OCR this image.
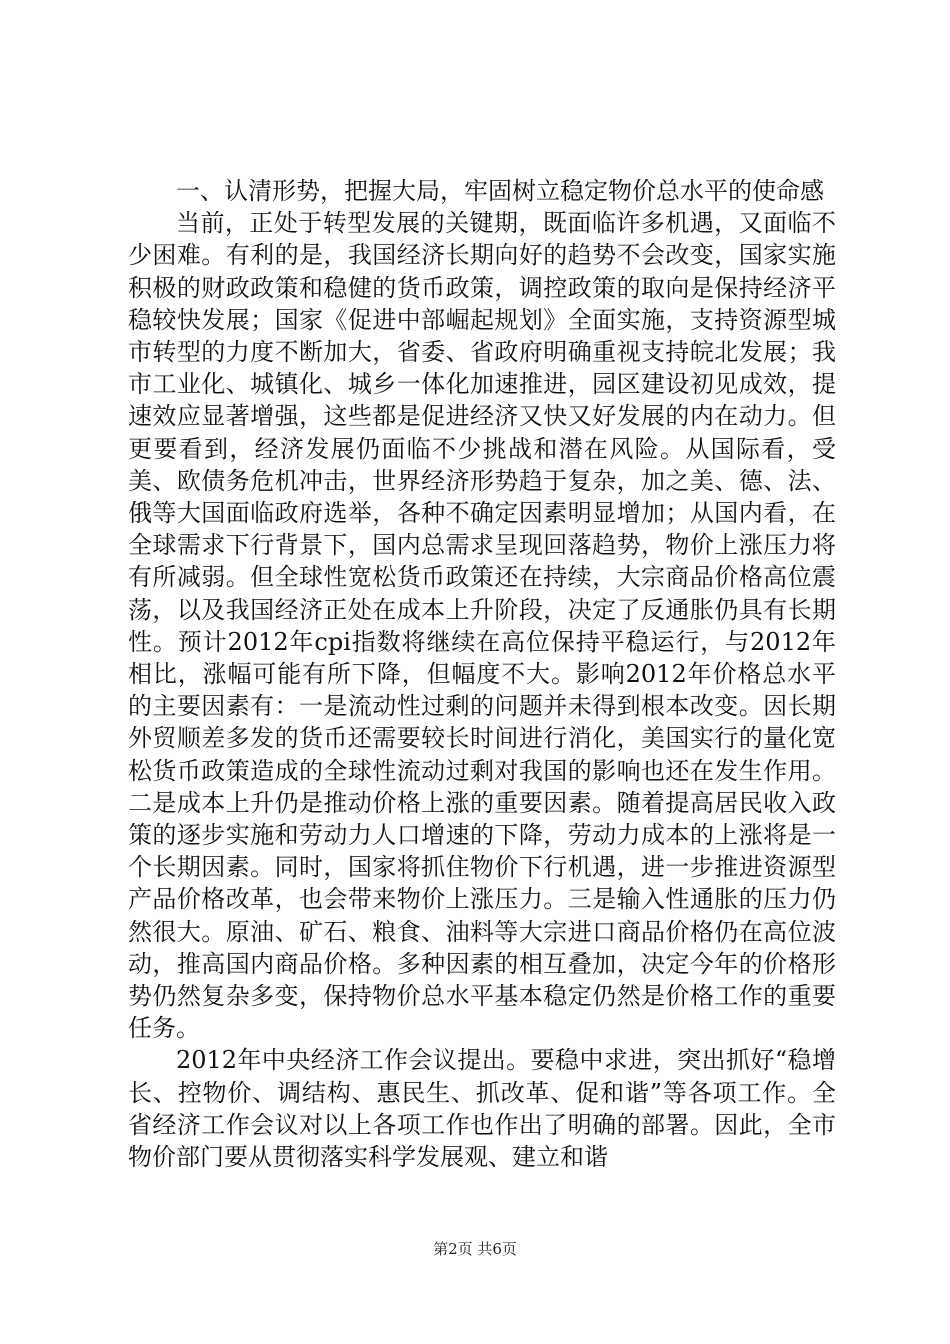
一、认清形势，把握大局，牢固树立稳定物价总水平的使命感

当前，正处于转型发展的关键期，既面临许多机遇，又面临不少困难。有利的是，我国经济长期向好的趋势不会改变，国家实施积极的财政政策和稳健的货币政策，调控政策的取向是保持经济平稳较快发展；国家《促进中部崛起规划》全面实施，支持资源型城市转型的力度不断加大，省委、省政府明确重视支持皖北发展；我市工业化、城镇化、城乡一体化加速推进，园区建设初见成效，提速效应显著增强，这些都是促进经济又快又好发展的内在动力。但更要看到，经济发展仍面临不少挑战和潜在风险。从国际看，受美、欧债务危机冲击，世界经济形势趋于复杂，加之美、德、法、俄等大国面临政府选举，各种不确定因素明显增加；从国内看，在全球需求下行背景下，国内总需求呈现回落趋势，物价上涨压力将有所减弱。但全球性宽松货币政策还在持续，大宗商品价格高位震荡，以及我国经济正处在成本上升阶段，决定了反通胀仍具有长期性。预计2012年cpi指数将继续在高位保持平稳运行，与2012年相比，涨幅可能有所下降，但幅度不大。影响2012年价格总水平的主要因素有：一是流动性过剩的问题并未得到根本改变。因长期外贸顺差多发的货币还需要较长时间进行消化，美国实行的量化宽松货币政策造成的全球性流动过剩对我国的影响也还在发生作用。二是成本上升仍是推动价格上涨的重要因素。随着提高居民收入政策的逐步实施和劳动力人口增速的下降，劳动力成本的上涨将是一个长期因素。同时，国家将抓住物价下行机遇，进一步推进资源型产品价格改革，也会带来物价上涨压力。三是输入性通胀的压力仍然很大。原油、矿石、粮食、油料等大宗进口商品价格仍在高位波动，推高国内商品价格。多种因素的相互叠加，决定今年的价格形势仍然复杂多变，保持物价总水平基本稳定仍然是价格工作的重要任务。

2012年中央经济工作会议提出。要稳中求进，突出抓好“稳增长、控物价、调结构、惠民生、抓改革、促和谐”等各项工作。全省经济工作会议对以上各项工作也作出了明确的部署。因此，全市物价部门要从贯彻落实科学发展观、建立和谐

第2页 共6页
